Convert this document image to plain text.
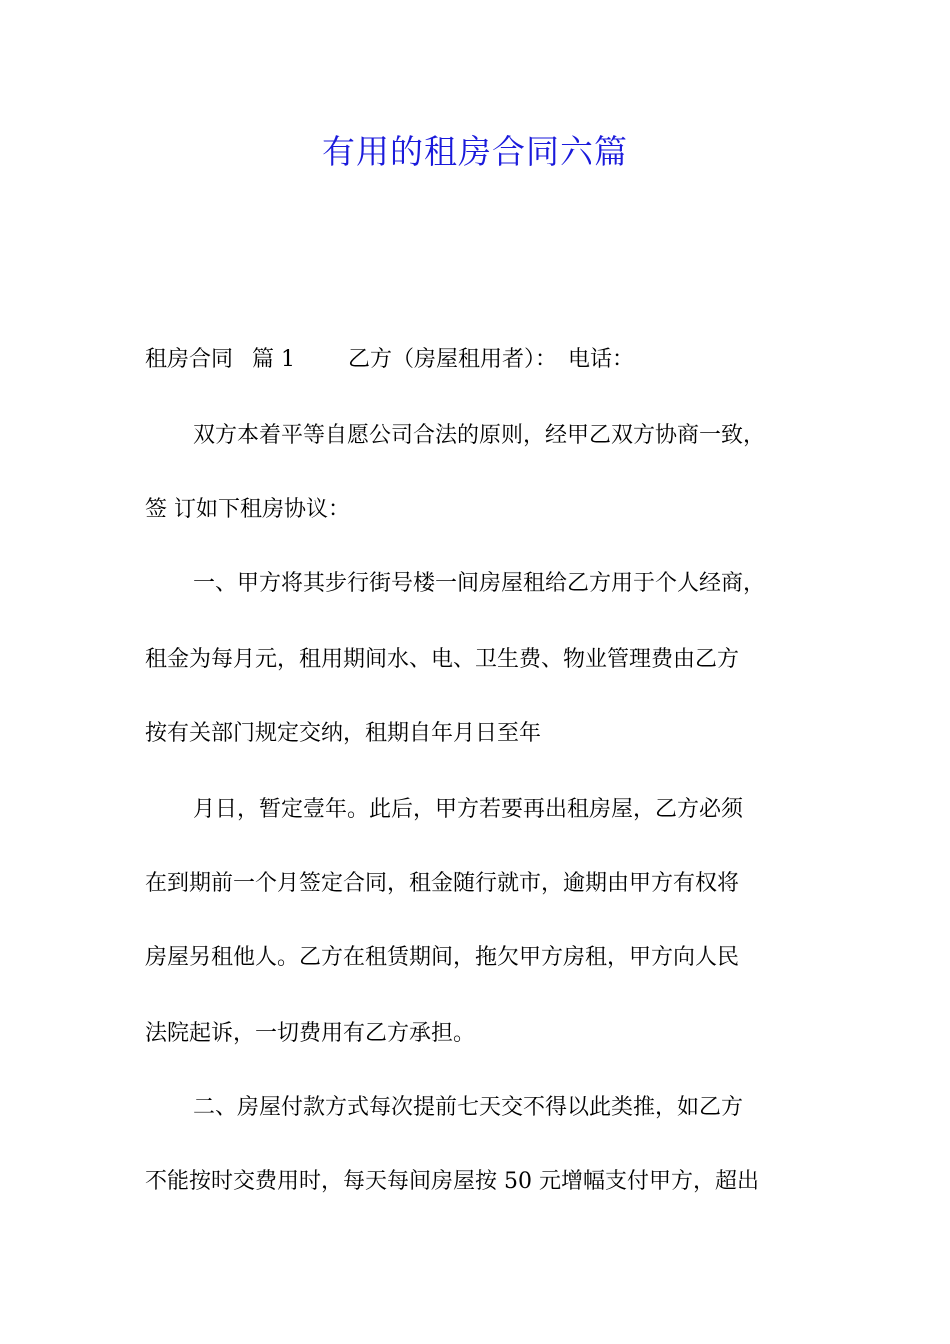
有用的租房合同六篇

租房合同 篇 1 乙方（房屋租用者）： 电话：

双方本着平等自愿公司合法的原则，经甲乙双方协商一致，

签 订如下租房协议：

一、甲方将其步行街号楼一间房屋租给乙方用于个人经商，

租金为每月元，租用期间水、电、卫生费、物业管理费由乙方

按有关部门规定交纳，租期自年月日至年

月日，暂定壹年。此后，甲方若要再出租房屋，乙方必须

在到期前一个月签定合同，租金随行就市，逾期由甲方有权将

房屋另租他人。乙方在租赁期间，拖欠甲方房租，甲方向人民

法院起诉，一切费用有乙方承担。

二、房屋付款方式每次提前七天交不得以此类推，如乙方

不能按时交费用时，每天每间房屋按 50 元增幅支付甲方，超出
